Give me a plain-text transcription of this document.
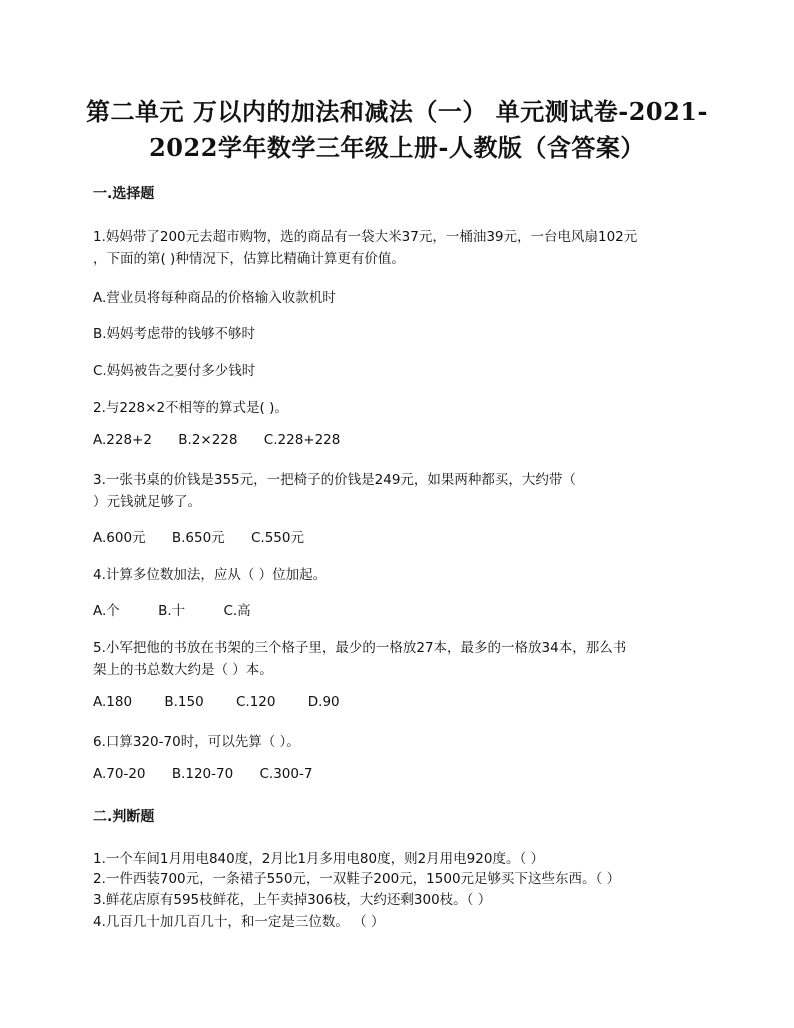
第二单元 万以内的加法和减法（一） 单元测试卷-2021-
2022学年数学三年级上册-人教版（含答案）
一.选择题
1.妈妈带了200元去超市购物，选的商品有一袋大米37元，一桶油39元，一台电风扇102元
，下面的第( )种情况下，估算比精确计算更有价值。
A.营业员将每种商品的价格输入收款机时
B.妈妈考虑带的钱够不够时
C.妈妈被告之要付多少钱时
2.与228×2不相等的算式是( )。
A.228+2 B.2×228 C.228+228
3.一张书桌的价钱是355元，一把椅子的价钱是249元，如果两种都买，大约带（
）元钱就足够了。
A.600元 B.650元 C.550元
4.计算多位数加法，应从（ ）位加起。
A.个	B.十	C.高
5.小军把他的书放在书架的三个格子里，最少的一格放27本，最多的一格放34本，那么书
架上的书总数大约是（ ）本。
A.180 B.150 C.120 D.90
6.口算320-70时，可以先算（ ）。
A.70-20 B.120-70 C.300-7
二.判断题
1.一个车间1月用电840度，2月比1月多用电80度，则2月用电920度。（ ）
2.一件西装700元，一条裙子550元，一双鞋子200元，1500元足够买下这些东西。（ ）
3.鲜花店原有595枝鲜花，上午卖掉306枝，大约还剩300枝。（ ）
4.几百几十加几百几十，和一定是三位数。 （ ）
